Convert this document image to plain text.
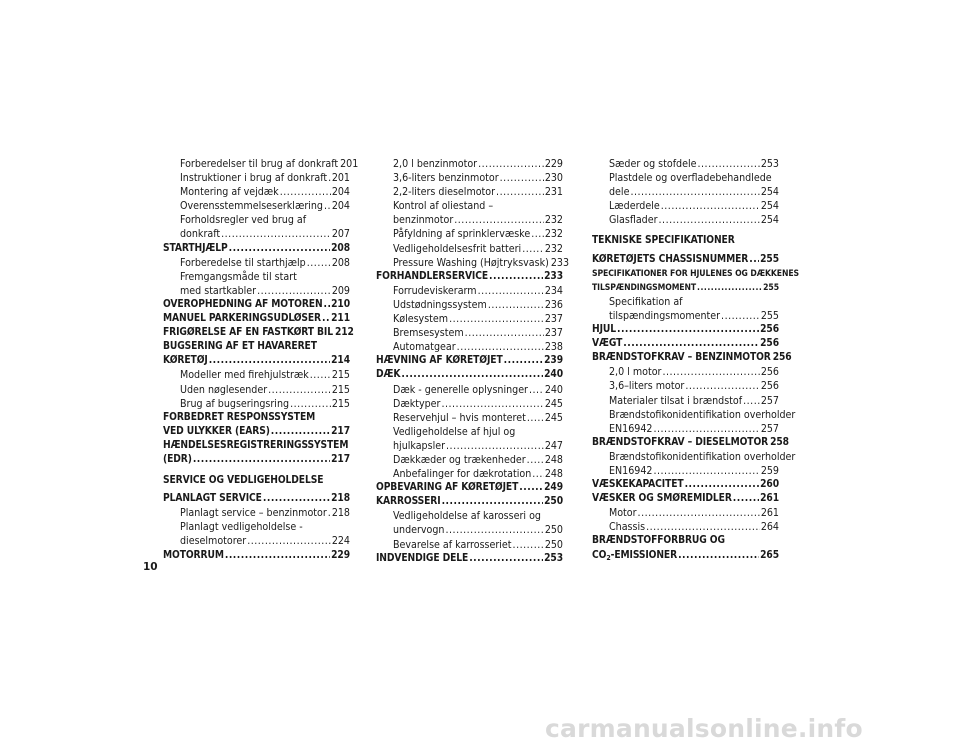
Forberedelser til brug af donkraft 201
Instruktioner i brug af donkraft ..... 201
Montering af vejdæk .....	204
Overensstemmelseserklæring ..... 204
Forholdsregler ved brug af
donkraft .....	207
STARTHJÆLP .....	208
Forberedelse til starthjælp ..... 208
Fremgangsmåde til start
med startkabler .....	209
OVEROPHEDNING AF MOTOREN ..... 210
MANUEL PARKERINGSUDLØSER ..... 211
FRIGØRELSE AF EN FASTKØRT BIL 212
BUGSERING AF ET HAVARERET
KØRETØJ .....	214
Modeller med firehjulstræk ..... 215
Uden nøglesender .....	215
Brug af bugseringsring .....	215
FORBEDRET RESPONSSYSTEM
VED ULYKKER (EARS) .....	217
HÆNDELSESREGISTRERINGSSYSTEM
(EDR) .....	217
SERVICE OG VEDLIGEHOLDELSE
PLANLAGT SERVICE .....	218
Planlagt service – benzinmotor ..... 218
Planlagt vedligeholdelse -
dieselmotorer .....	224
MOTORRUM .....	229
2,0 l benzinmotor .....	229
3,6-liters benzinmotor .....	230
2,2-liters dieselmotor .....	231
Kontrol af oliestand –
benzinmotor .....	232
Påfyldning af sprinklervæske ..... 232
Vedligeholdelsesfrit batteri ..... 232
Pressure Washing (Højtryksvask) 233
FORHANDLERSERVICE .....	233
Forrudeviskerarm .....	234
Udstødningssystem .....	236
Kølesystem .....	237
Bremsesystem .....	237
Automatgear .....	238
HÆVNING AF KØRETØJET .....	239
DÆK .....	240
Dæk - generelle oplysninger ..... 240
Dæktyper .....	245
Reservehjul – hvis monteret ..... 245
Vedligeholdelse af hjul og
hjulkapsler .....	247
Dækkæder og trækenheder ..... 248
Anbefalinger for dækrotation ..... 248
OPBEVARING AF KØRETØJET .....	249
KARROSSERI .....	250
Vedligeholdelse af karosseri og
undervogn .....	250
Bevarelse af karrosseriet .....	250
INDVENDIGE DELE .....	253
Sæder og stofdele .....	253
Plastdele og overfladebehandlede
dele .....	254
Læderdele .....	254
Glasflader .....	254
TEKNISKE SPECIFIKATIONER
KØRETØJETS CHASSISNUMMER ..... 255
SPECIFIKATIONER FOR HJULENES OG DÆKKENES
TILSPÆNDINGSMOMENT .....	255
Specifikation af
tilspændingsmomenter .....	255
HJUL .....	256
VÆGT .....	256
BRÆNDSTOFKRAV – BENZINMOTOR 256
2,0 l motor .....	256
3,6–liters motor .....	256
Materialer tilsat i brændstof ..... 257
Brændstofikonidentifikation overholder
EN16942 .....	257
BRÆNDSTOFKRAV – DIESELMOTOR 258
Brændstofikonidentifikation overholder
EN16942 .....	259
VÆSKEKAPACITET .....	260
VÆSKER OG SMØREMIDLER .....	261
Motor .....	261
Chassis .....	264
BRÆNDSTOFFORBRUG OG
CO2-EMISSIONER .....	265
10
carmanualsonline.info
